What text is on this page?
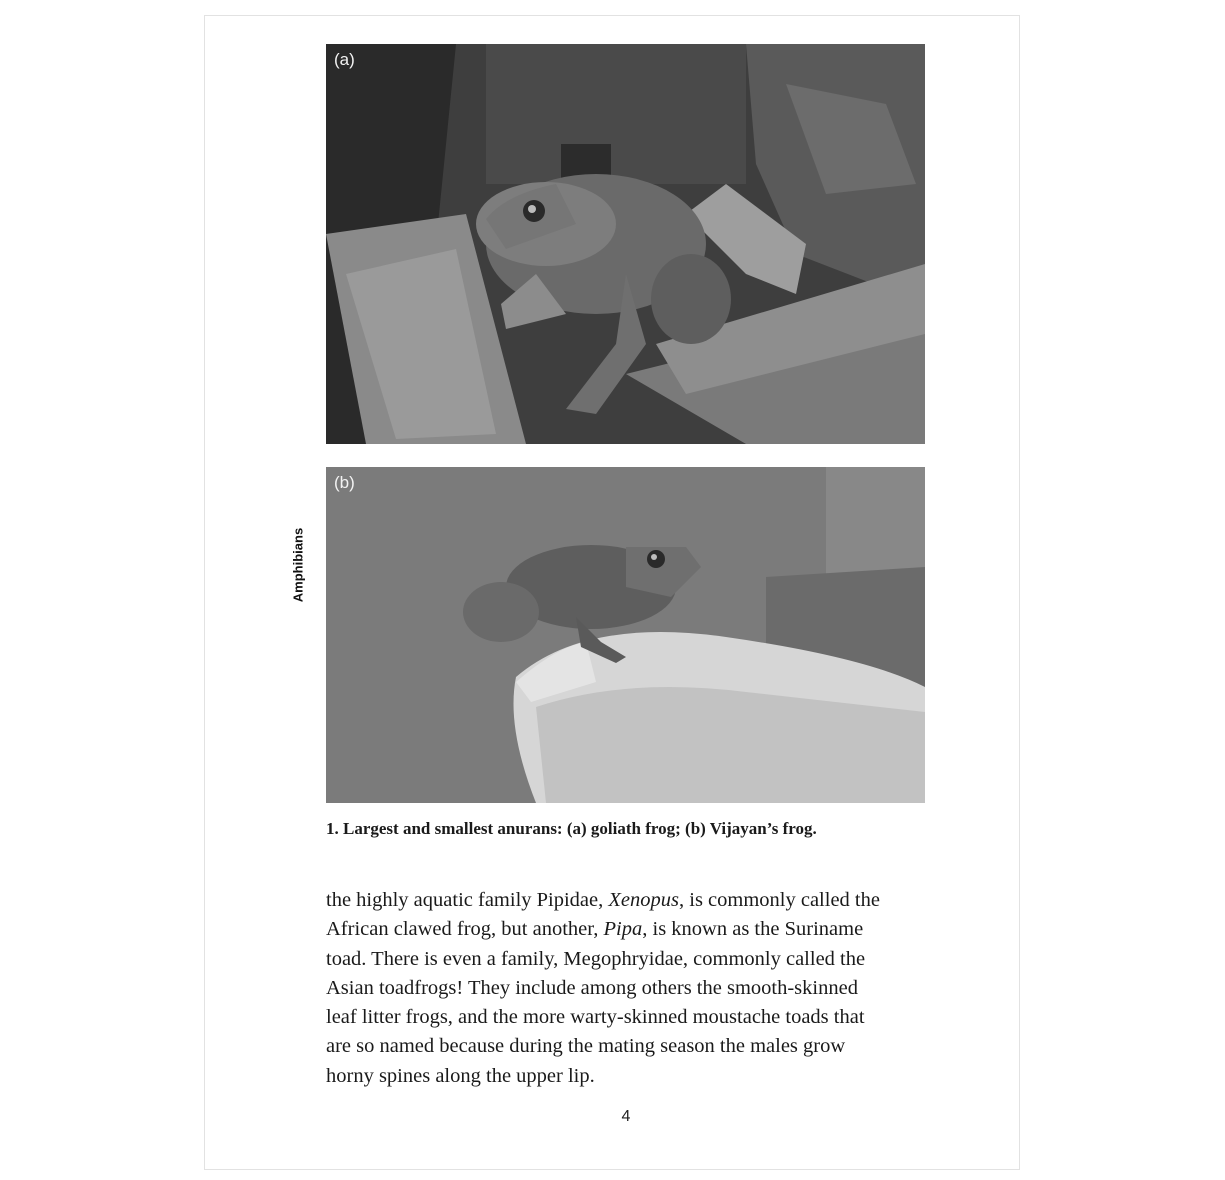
Amphibians
(a)
(b)
1. Largest and smallest anurans: (a) goliath frog; (b) Vijayan’s frog.

the highly aquatic family Pipidae, Xenopus, is commonly called the
African clawed frog, but another, Pipa, is known as the Suriname
toad. There is even a family, Megophryidae, commonly called the
Asian toadfrogs! They include among others the smooth-skinned
leaf litter frogs, and the more warty-skinned moustache toads that
are so named because during the mating season the males grow
horny spines along the upper lip.

4
